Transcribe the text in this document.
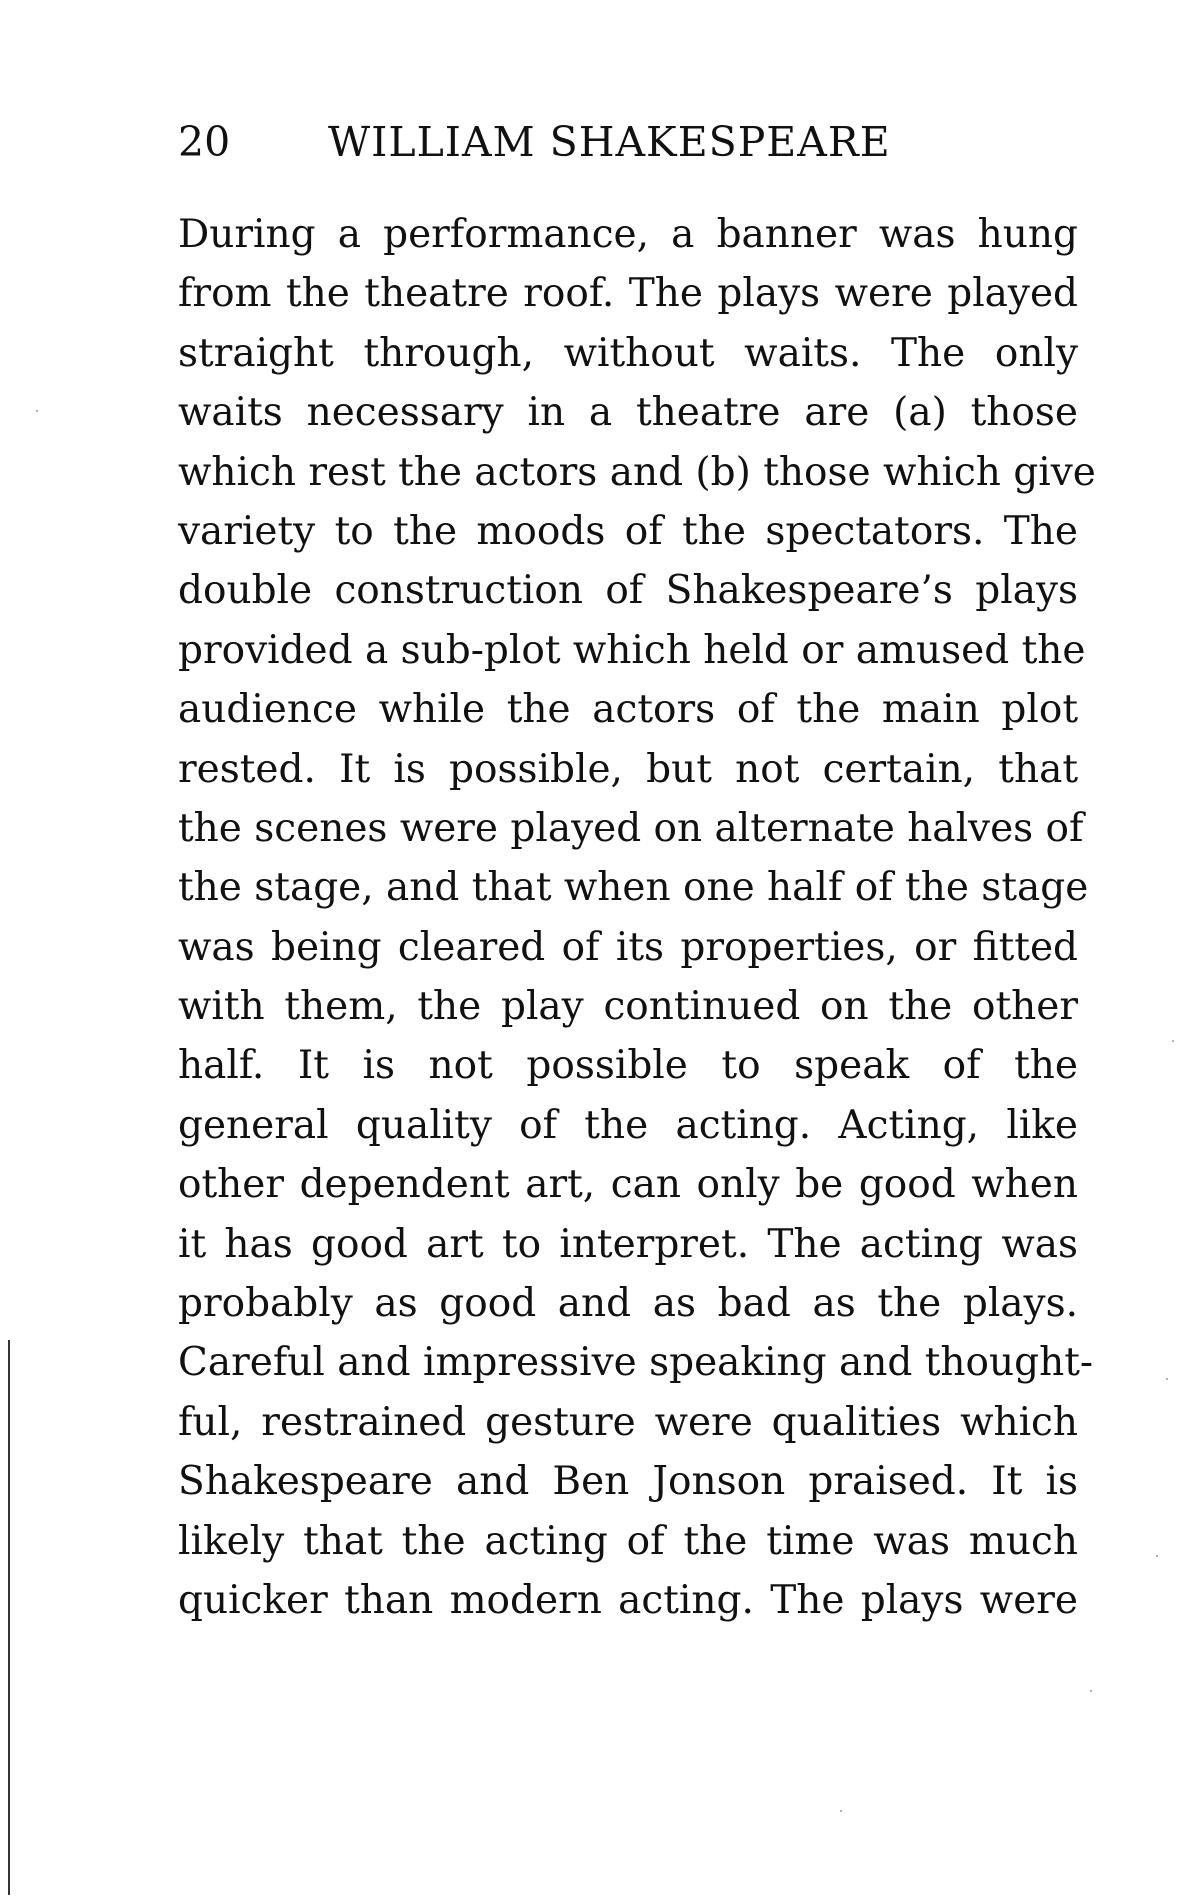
20 WILLIAM SHAKESPEARE
During a performance, a banner was hung
from the theatre roof. The plays were played
straight through, without waits. The only
waits necessary in a theatre are (a) those
which rest the actors and (b) those which give
variety to the moods of the spectators. The
double construction of Shakespeare’s plays
provided a sub-plot which held or amused the
audience while the actors of the main plot
rested. It is possible, but not certain, that
the scenes were played on alternate halves of
the stage, and that when one half of the stage
was being cleared of its properties, or fitted
with them, the play continued on the other
half. It is not possible to speak of the
general quality of the acting. Acting, like
other dependent art, can only be good when
it has good art to interpret. The acting was
probably as good and as bad as the plays.
Careful and impressive speaking and thought-
ful, restrained gesture were qualities which
Shakespeare and Ben Jonson praised. It is
likely that the acting of the time was much
quicker than modern acting. The plays were
